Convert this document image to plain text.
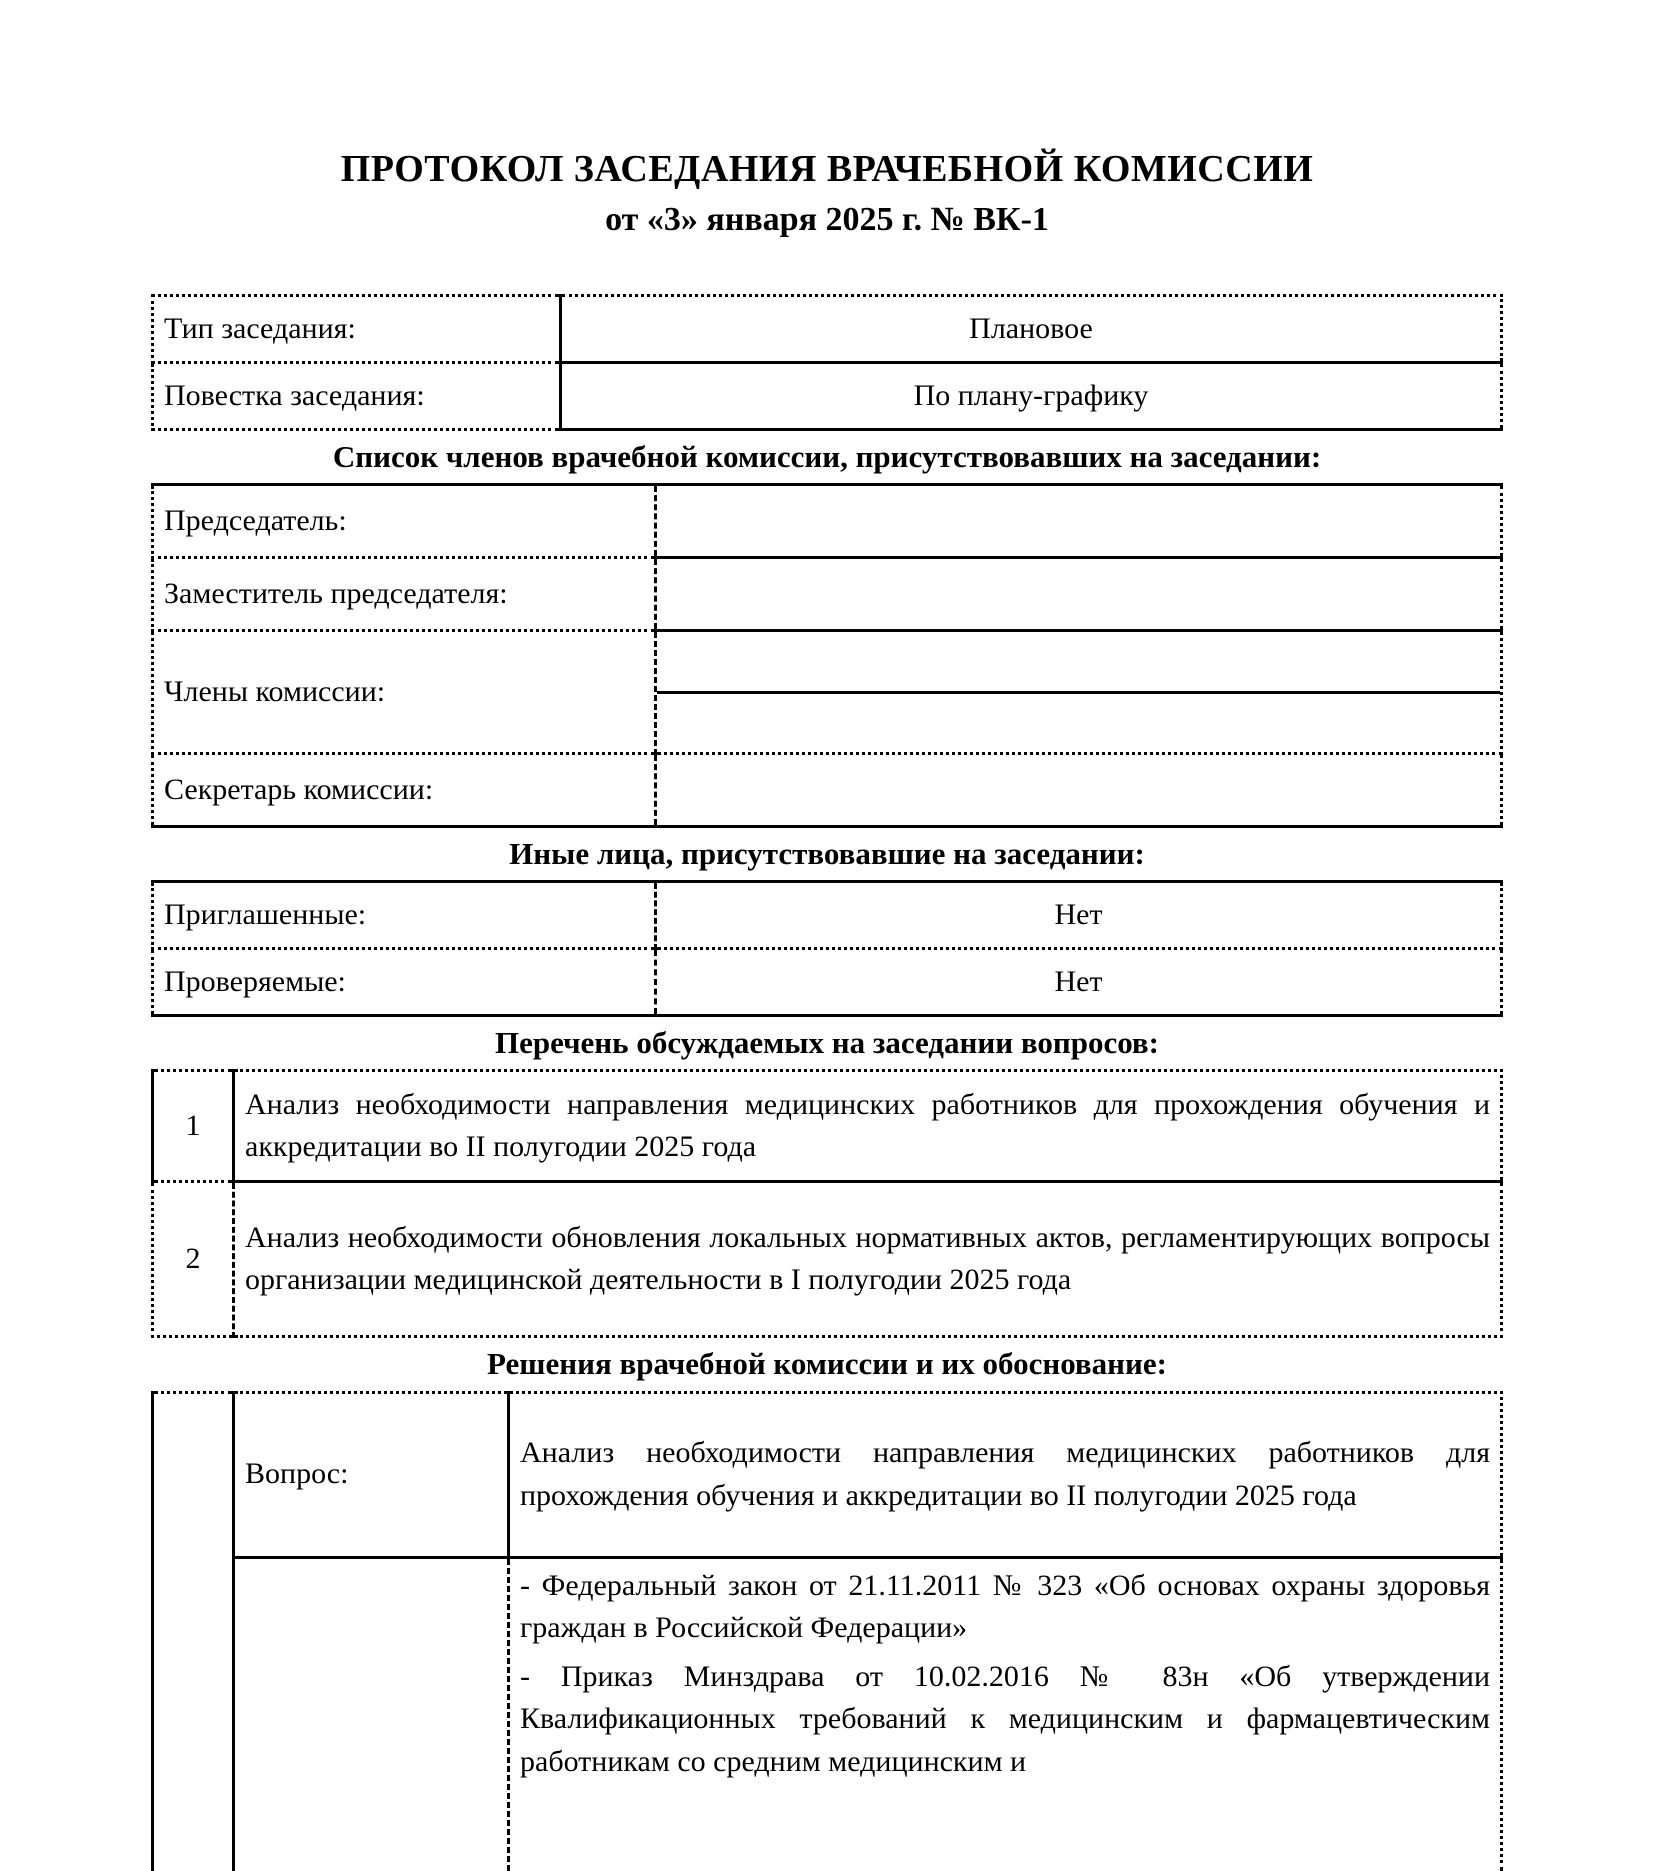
ПРОТОКОЛ ЗАСЕДАНИЯ ВРАЧЕБНОЙ КОМИССИИ
от «3» января 2025 г. № ВК-1
Тип заседания:	Плановое
Повестка заседания:	По плану-графику
Список членов врачебной комиссии, присутствовавших на заседании:
Председатель:	
Заместитель председателя:	
Члены комиссии:	

Секретарь комиссии:	
Иные лица, присутствовавшие на заседании:
Приглашенные:	Нет
Проверяемые:	Нет
Перечень обсуждаемых на заседании вопросов:
1	Анализ необходимости направления медицинских работников для прохождения обучения и аккредитации во II полугодии 2025 года
2	Анализ необходимости обновления локальных нормативных актов, регламентирующих вопросы организации медицинской деятельности в I полугодии 2025 года
Решения врачебной комиссии и их обоснование:
	Вопрос:	Анализ необходимости направления медицинских работников для прохождения обучения и аккредитации во II полугодии 2025 года

		- Федеральный закон от 21.11.2011 № 323 «Об основах охраны здоровья граждан в Российской Федерации»

- Приказ Минздрава от 10.02.2016 № 83н «Об утверждении Квалификационных требований к медицинским и фармацевтическим работникам со средним медицинским и
